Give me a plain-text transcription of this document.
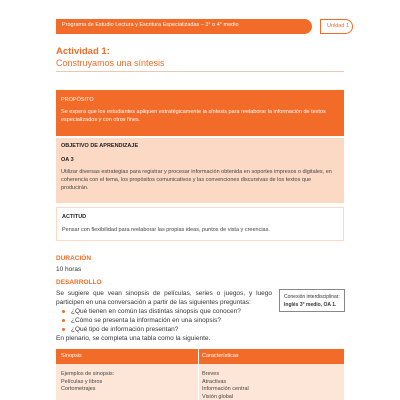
Programa de Estudio Lectura y Escritura Especializadas – 3° o 4° medio	Unidad 1
Actividad 1:
Construyamos una síntesis
PROPÓSITO
Se espera que los estudiantes apliquen estratégicamente la síntesis para reelaborar la información de textos especializados y con otros fines.
OBJETIVO DE APRENDIZAJE
OA 3
Utilizar diversas estrategias para registrar y procesar información obtenida en soportes impresos o digitales, en coherencia con el tema, los propósitos comunicativos y las convenciones discursivas de los textos que producirán.
ACTITUD
Pensar con flexibilidad para reelaborar las propias ideas, puntos de vista y creencias.
DURACIÓN
10 horas
DESARROLLO
Se sugiere que vean sinopsis de películas, series o juegos, y luego participen en una conversación a partir de las siguientes preguntas:
¿Qué tienen en común las distintas sinopsis que conocen?
¿Cómo se presenta la información en una sinopsis?
¿Qué tipo de información presentan?
En plenario, se completa una tabla como la siguiente.
Conexión interdisciplinar:
Inglés 3° medio, OA 1.
Sinopsis	Características
Ejemplos de sinopsis:
Películas y libros
Cortometrajes
Breves
Atractivas
Información central
Visión global
